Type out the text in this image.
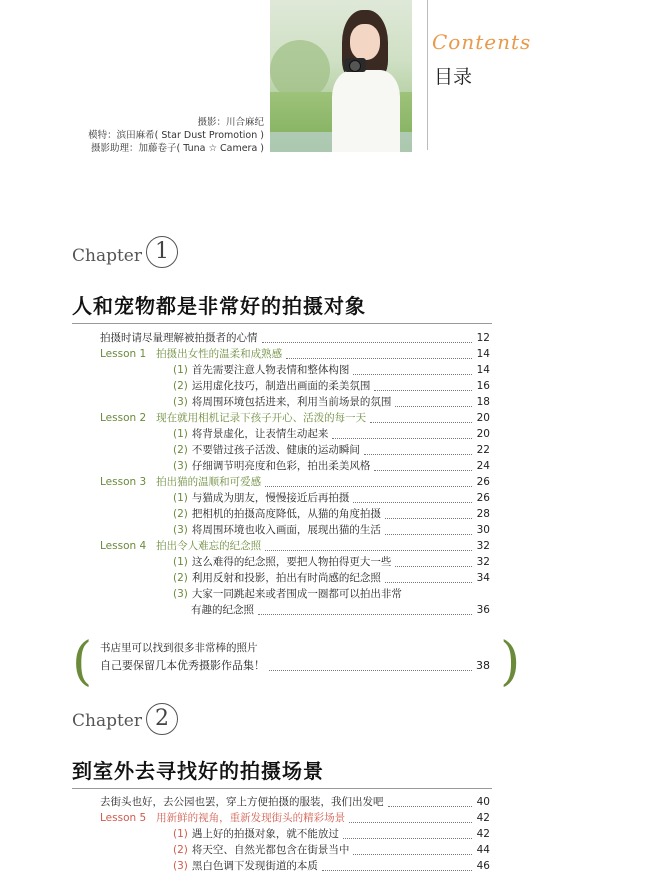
Contents
目录
摄影：川合麻纪
模特：滨田麻希( Star Dust Promotion )
摄影助理：加藤卷子( Tuna ☆ Camera )
Chapter 1
人和宠物都是非常好的拍摄对象
拍摄时请尽量理解被拍摄者的心情	12
Lesson 1 拍摄出女性的温柔和成熟感	14
(1) 首先需要注意人物表情和整体构图	14
(2) 运用虚化技巧，制造出画面的柔美氛围	16
(3) 将周围环境包括进来，利用当前场景的氛围	18
Lesson 2 现在就用相机记录下孩子开心、活泼的每一天	20
(1) 将背景虚化，让表情生动起来	20
(2) 不要错过孩子活泼、健康的运动瞬间	22
(3) 仔细调节明亮度和色彩，拍出柔美风格	24
Lesson 3 拍出猫的温顺和可爱感	26
(1) 与猫成为朋友，慢慢接近后再拍摄	26
(2) 把相机的拍摄高度降低，从猫的角度拍摄	28
(3) 将周围环境也收入画面，展现出猫的生活	30
Lesson 4 拍出令人难忘的纪念照	32
(1) 这么难得的纪念照，要把人物拍得更大一些	32
(2) 利用反射和投影，拍出有时尚感的纪念照	34
(3) 大家一同跳起来或者围成一圈都可以拍出非常
有趣的纪念照	36
(	)
书店里可以找到很多非常棒的照片
自己要保留几本优秀摄影作品集！	38
Chapter 2
到室外去寻找好的拍摄场景
去街头也好，去公园也罢，穿上方便拍摄的服装，我们出发吧	40
Lesson 5 用新鲜的视角，重新发现街头的精彩场景	42
(1) 遇上好的拍摄对象，就不能放过	42
(2) 将天空、自然光都包含在街景当中	44
(3) 黑白色调下发现街道的本质	46
